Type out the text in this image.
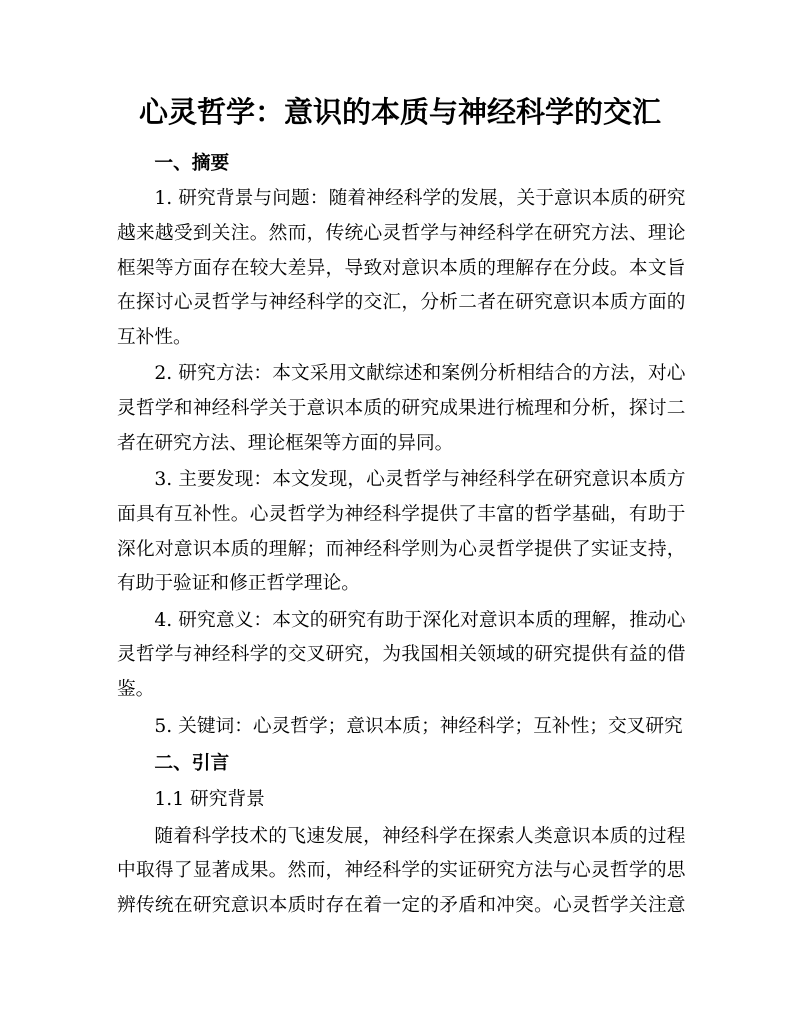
心灵哲学：意识的本质与神经科学的交汇
一、摘要

1. 研究背景与问题：随着神经科学的发展，关于意识本质的研究越来越受到关注。然而，传统心灵哲学与神经科学在研究方法、理论框架等方面存在较大差异，导致对意识本质的理解存在分歧。本文旨在探讨心灵哲学与神经科学的交汇，分析二者在研究意识本质方面的互补性。

2. 研究方法：本文采用文献综述和案例分析相结合的方法，对心灵哲学和神经科学关于意识本质的研究成果进行梳理和分析，探讨二者在研究方法、理论框架等方面的异同。

3. 主要发现：本文发现，心灵哲学与神经科学在研究意识本质方面具有互补性。心灵哲学为神经科学提供了丰富的哲学基础，有助于深化对意识本质的理解；而神经科学则为心灵哲学提供了实证支持，有助于验证和修正哲学理论。

4. 研究意义：本文的研究有助于深化对意识本质的理解，推动心灵哲学与神经科学的交叉研究，为我国相关领域的研究提供有益的借鉴。

5. 关键词：心灵哲学；意识本质；神经科学；互补性；交叉研究

二、引言
1.1 研究背景

随着科学技术的飞速发展，神经科学在探索人类意识本质的过程中取得了显著成果。然而，神经科学的实证研究方法与心灵哲学的思辨传统在研究意识本质时存在着一定的矛盾和冲突。心灵哲学关注意
